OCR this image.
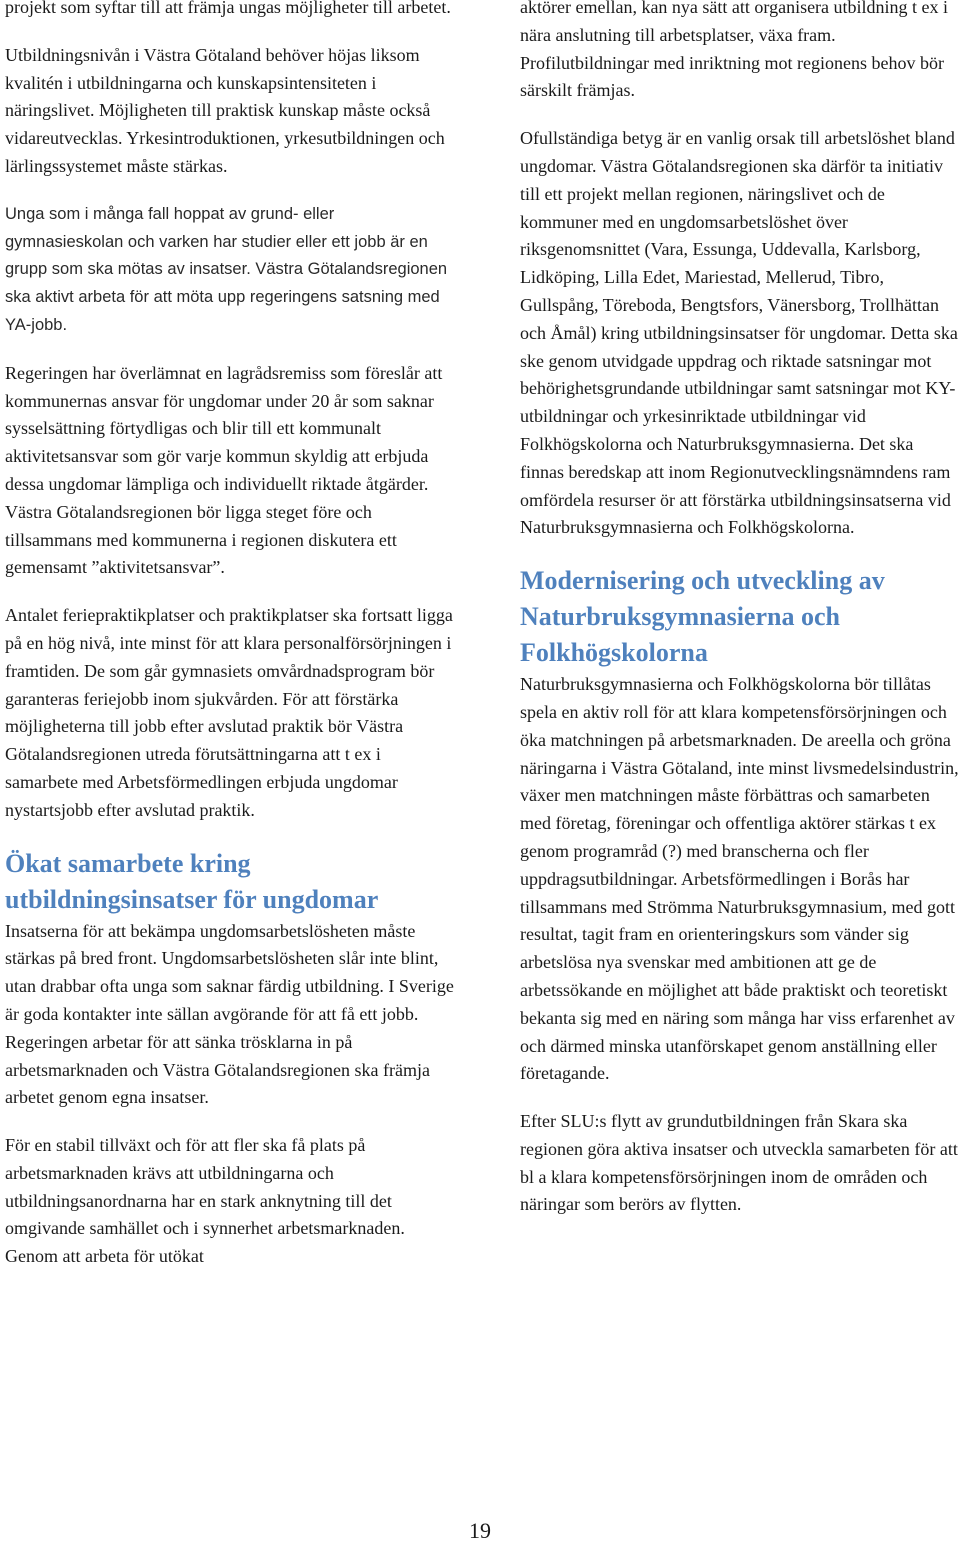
projekt som syftar till att främja ungas möjligheter till arbetet.

Utbildningsnivån i Västra Götaland behöver höjas liksom kvalitén i utbildningarna och kunskapsintensiteten i näringslivet. Möjligheten till praktisk kunskap måste också vidareutvecklas. Yrkesintroduktionen, yrkesutbildningen och lärlingssystemet måste stärkas.

Unga som i många fall hoppat av grund- eller gymnasieskolan och varken har studier eller ett jobb är en grupp som ska mötas av insatser. Västra Götalandsregionen ska aktivt arbeta för att möta upp regeringens satsning med YA-jobb.

Regeringen har överlämnat en lagrådsremiss som föreslår att kommunernas ansvar för ungdomar under 20 år som saknar sysselsättning förtydligas och blir till ett kommunalt aktivitetsansvar som gör varje kommun skyldig att erbjuda dessa ungdomar lämpliga och individuellt riktade åtgärder. Västra Götalandsregionen bör ligga steget före och tillsammans med kommunerna i regionen diskutera ett gemensamt ”aktivitetsansvar”.

Antalet feriepraktikplatser och praktikplatser ska fortsatt ligga på en hög nivå, inte minst för att klara personalförsörjningen i framtiden. De som går gymnasiets omvårdnadsprogram bör garanteras feriejobb inom sjukvården. För att förstärka möjligheterna till jobb efter avslutad praktik bör Västra Götalandsregionen utreda förutsättningarna att t ex i samarbete med Arbetsförmedlingen erbjuda ungdomar nystartsjobb efter avslutad praktik.

Ökat samarbete kring utbildningsinsatser för ungdomar

Insatserna för att bekämpa ungdomsarbetslösheten måste stärkas på bred front. Ungdomsarbetslösheten slår inte blint, utan drabbar ofta unga som saknar färdig utbildning. I Sverige är goda kontakter inte sällan avgörande för att få ett jobb. Regeringen arbetar för att sänka trösklarna in på arbetsmarknaden och Västra Götalandsregionen ska främja arbetet genom egna insatser.

För en stabil tillväxt och för att fler ska få plats på arbetsmarknaden krävs att utbildningarna och utbildningsanordnarna har en stark anknytning till det omgivande samhället och i synnerhet arbetsmarknaden. Genom att arbeta för utökat

aktörer emellan, kan nya sätt att organisera utbildning t ex i nära anslutning till arbetsplatser, växa fram. Profilutbildningar med inriktning mot regionens behov bör särskilt främjas.

Ofullständiga betyg är en vanlig orsak till arbetslöshet bland ungdomar. Västra Götalandsregionen ska därför ta initiativ till ett projekt mellan regionen, näringslivet och de kommuner med en ungdomsarbetslöshet över riksgenomsnittet (Vara, Essunga, Uddevalla, Karlsborg, Lidköping, Lilla Edet, Mariestad, Mellerud, Tibro, Gullspång, Töreboda, Bengtsfors, Vänersborg, Trollhättan och Åmål) kring utbildningsinsatser för ungdomar. Detta ska ske genom utvidgade uppdrag och riktade satsningar mot behörighetsgrundande utbildningar samt satsningar mot KY-utbildningar och yrkesinriktade utbildningar vid Folkhögskolorna och Naturbruksgymnasierna. Det ska finnas beredskap att inom Regionutvecklingsnämndens ram omfördela resurser ör att förstärka utbildningsinsatserna vid Naturbruksgymnasierna och Folkhögskolorna.

Modernisering och utveckling av Naturbruksgymnasierna och Folkhögskolorna

Naturbruksgymnasierna och Folkhögskolorna bör tillåtas spela en aktiv roll för att klara kompetensförsörjningen och öka matchningen på arbetsmarknaden. De areella och gröna näringarna i Västra Götaland, inte minst livsmedelsindustrin, växer men matchningen måste förbättras och samarbeten med företag, föreningar och offentliga aktörer stärkas t ex genom programråd (?) med branscherna och fler uppdragsutbildningar. Arbetsförmedlingen i Borås har tillsammans med Strömma Naturbruksgymnasium, med gott resultat, tagit fram en orienteringskurs som vänder sig arbetslösa nya svenskar med ambitionen att ge de arbetssökande en möjlighet att både praktiskt och teoretiskt bekanta sig med en näring som många har viss erfarenhet av och därmed minska utanförskapet genom anställning eller företagande.

Efter SLU:s flytt av grundutbildningen från Skara ska regionen göra aktiva insatser och utveckla samarbeten för att bl a klara kompetensförsörjningen inom de områden och näringar som berörs av flytten.

19
